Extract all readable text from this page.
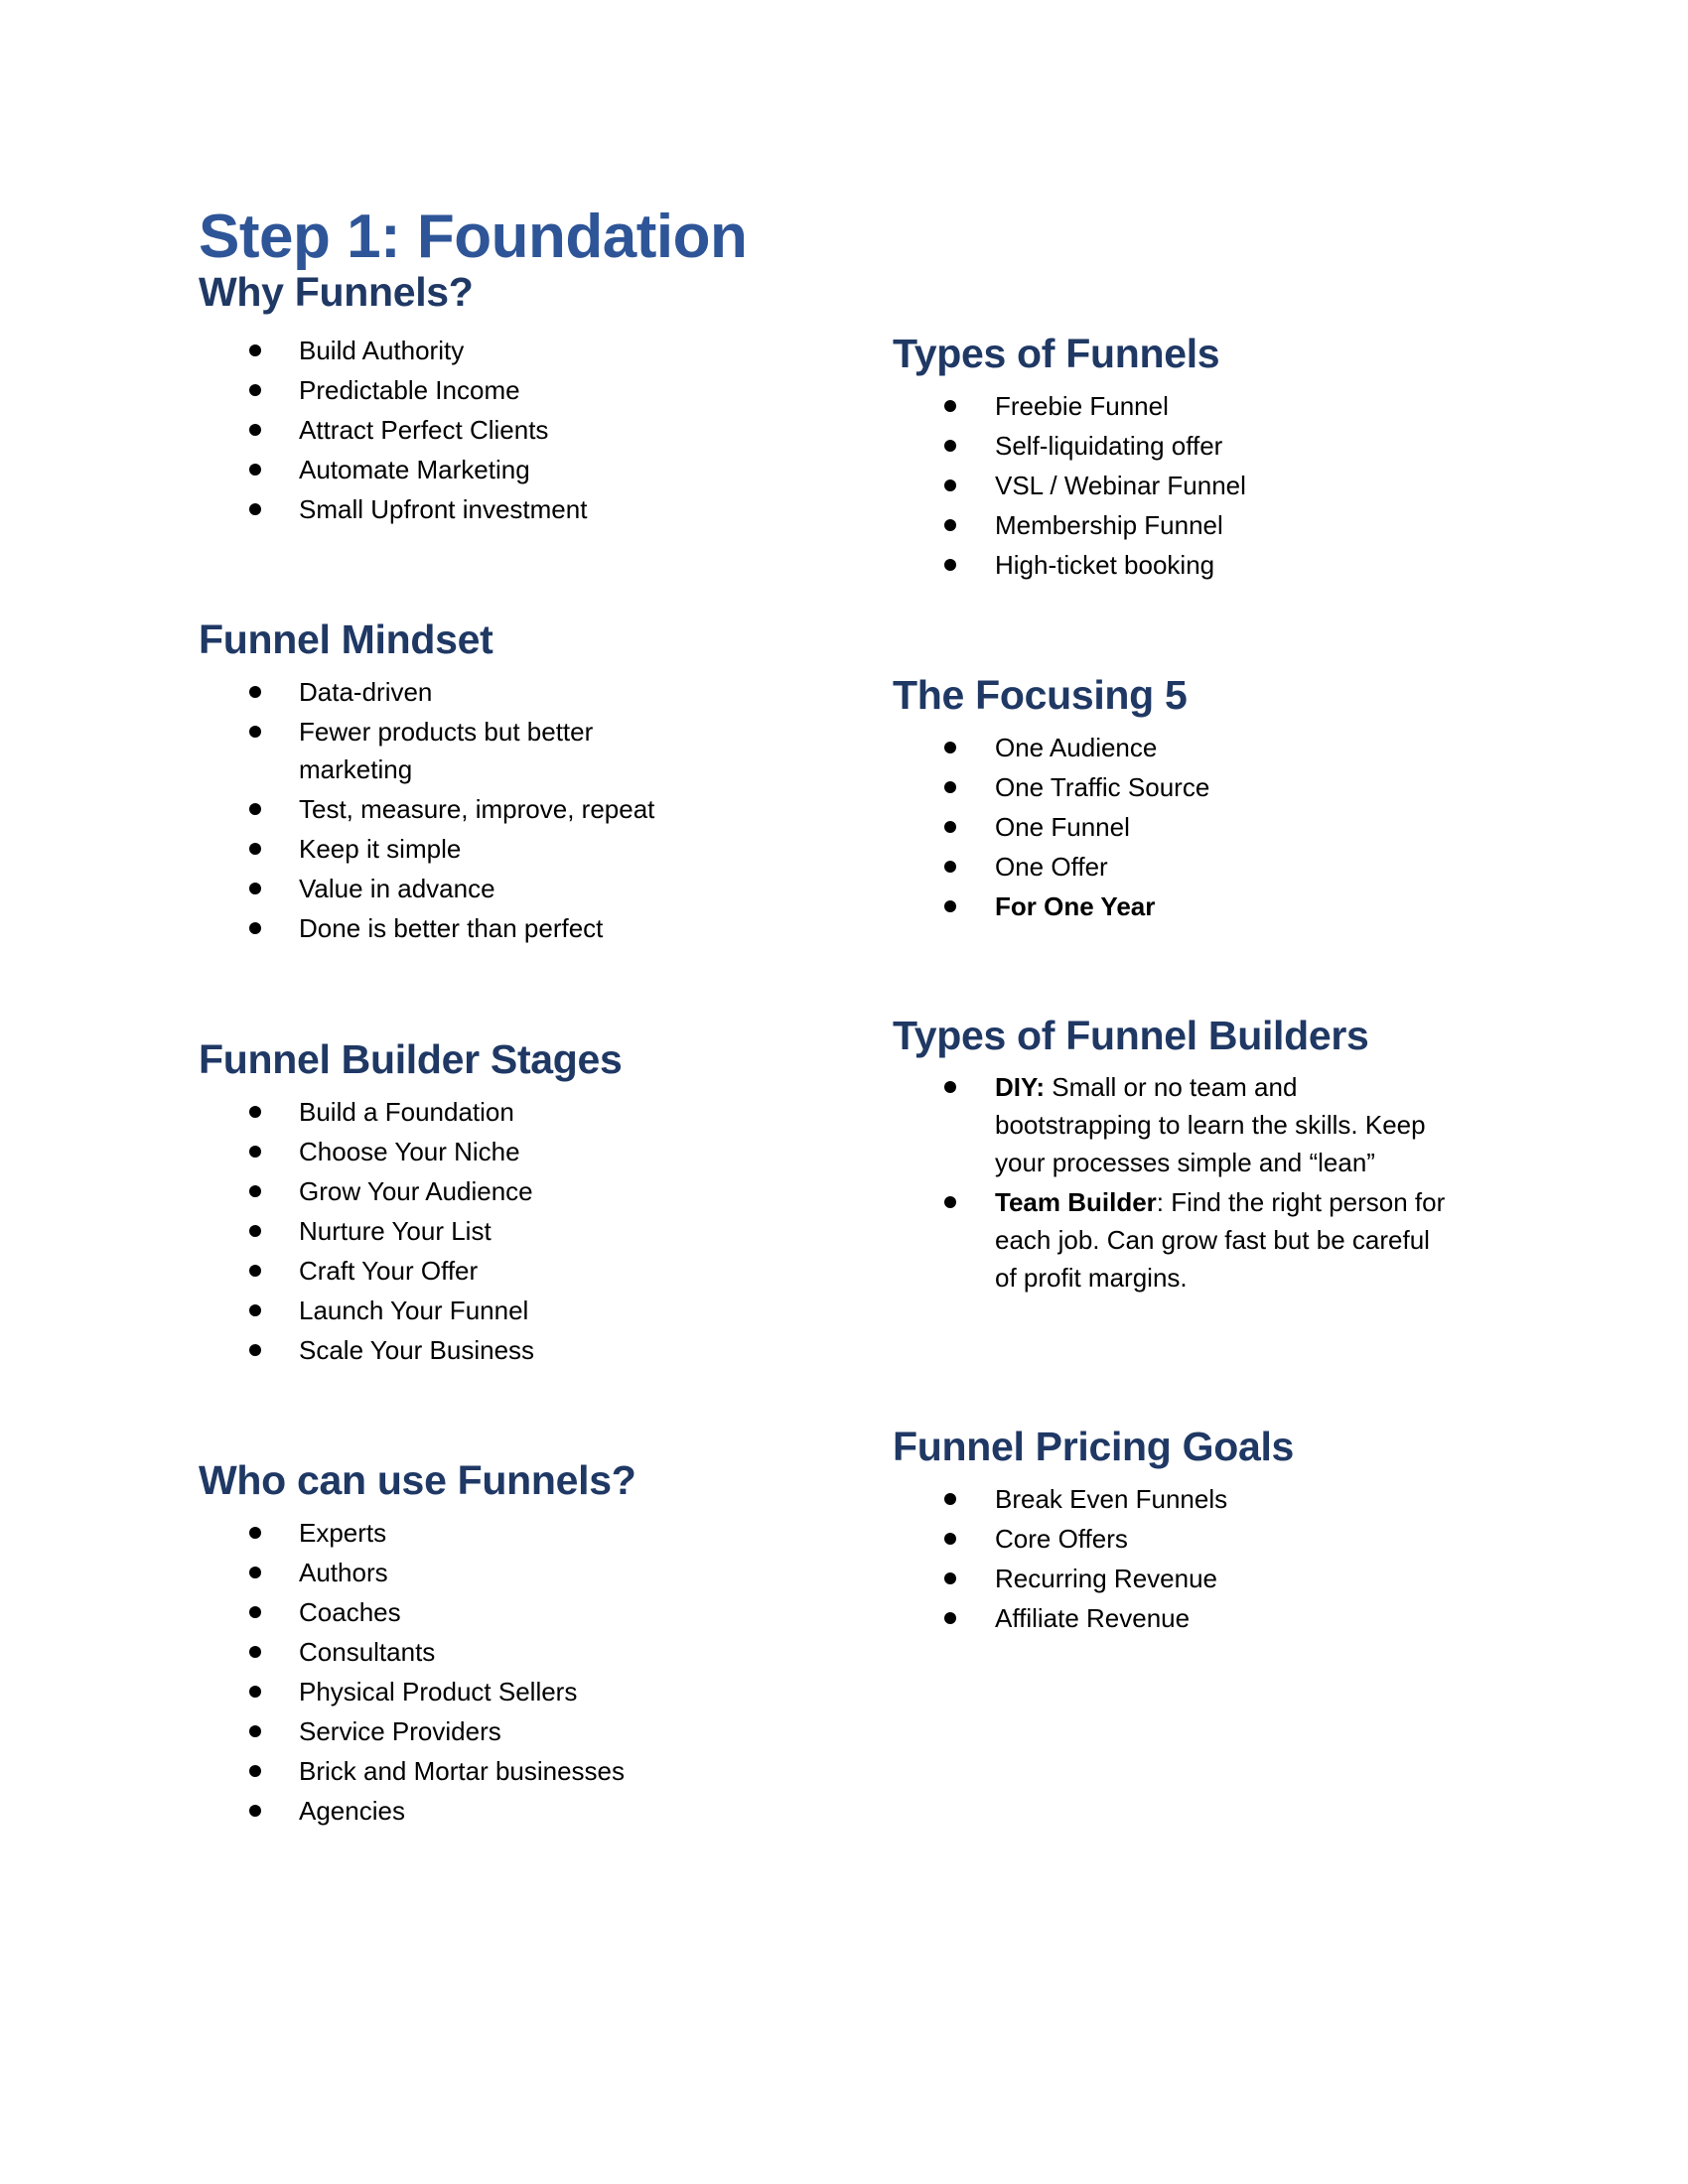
Step 1: Foundation
Why Funnels?
Build Authority
Predictable Income
Attract Perfect Clients
Automate Marketing
Small Upfront investment
Funnel Mindset
Data-driven
Fewer products but better marketing
Test, measure, improve, repeat
Keep it simple
Value in advance
Done is better than perfect
Funnel Builder Stages
Build a Foundation
Choose Your Niche
Grow Your Audience
Nurture Your List
Craft Your Offer
Launch Your Funnel
Scale Your Business
Who can use Funnels?
Experts
Authors
Coaches
Consultants
Physical Product Sellers
Service Providers
Brick and Mortar businesses
Agencies
Types of Funnels
Freebie Funnel
Self-liquidating offer
VSL / Webinar Funnel
Membership Funnel
High-ticket booking
The Focusing 5
One Audience
One Traffic Source
One Funnel
One Offer
For One Year
Types of Funnel Builders
DIY: Small or no team and bootstrapping to learn the skills. Keep your processes simple and “lean”
Team Builder: Find the right person for each job. Can grow fast but be careful of profit margins.
Funnel Pricing Goals
Break Even Funnels
Core Offers
Recurring Revenue
Affiliate Revenue
